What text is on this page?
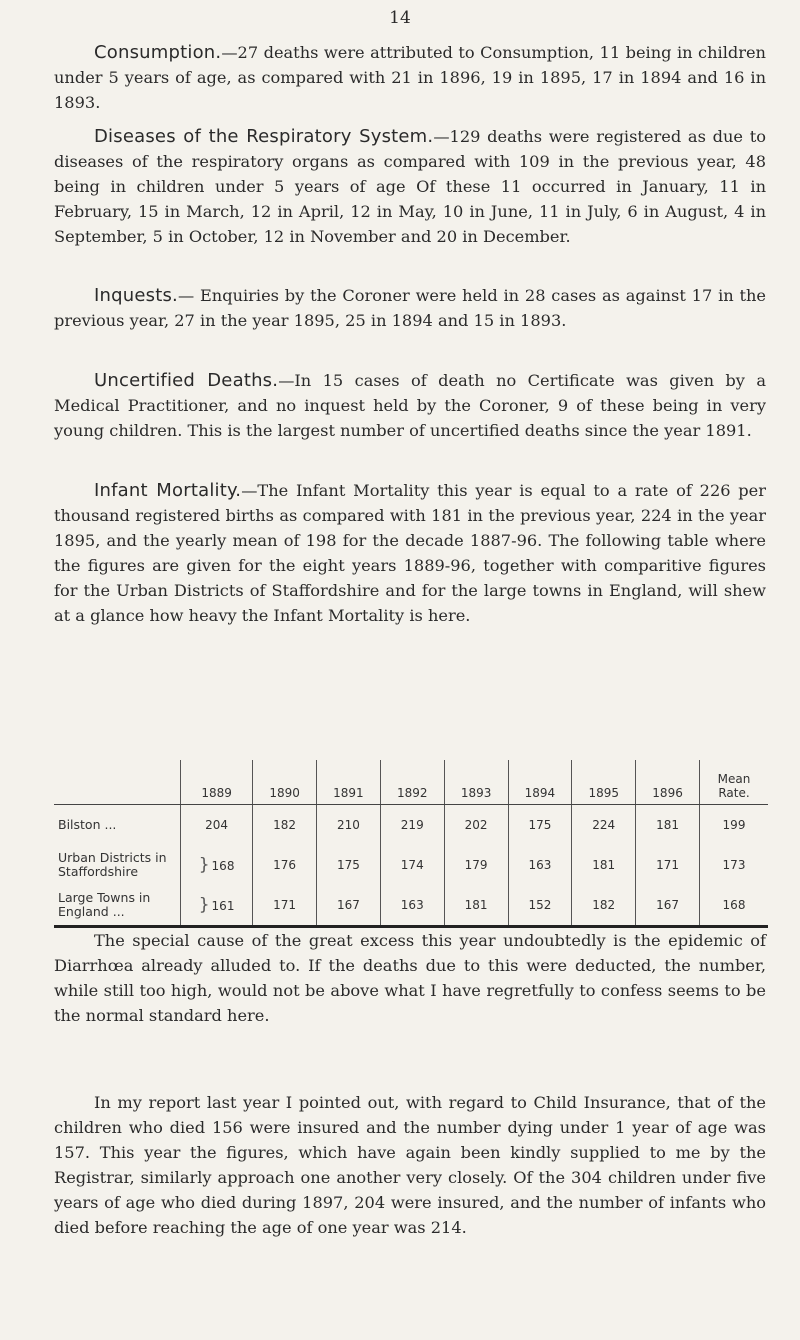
14

Consumption.—27 deaths were attributed to Consumption, 11 being in children under 5 years of age, as compared with 21 in 1896, 19 in 1895, 17 in 1894 and 16 in 1893.

Diseases of the Respiratory System.—129 deaths were registered as due to diseases of the respiratory organs as compared with 109 in the previous year, 48 being in children under 5 years of age Of these 11 occurred in January, 11 in February, 15 in March, 12 in April, 12 in May, 10 in June, 11 in July, 6 in August, 4 in September, 5 in October, 12 in November and 20 in December.

Inquests.— Enquiries by the Coroner were held in 28 cases as against 17 in the previous year, 27 in the year 1895, 25 in 1894 and 15 in 1893.

Uncertified Deaths.—In 15 cases of death no Certificate was given by a Medical Practitioner, and no inquest held by the Coroner, 9 of these being in very young children. This is the largest number of uncertified deaths since the year 1891.

Infant Mortality.—The Infant Mortality this year is equal to a rate of 226 per thousand registered births as compared with 181 in the previous year, 224 in the year 1895, and the yearly mean of 198 for the decade 1887-96. The following table where the figures are given for the eight years 1889-96, together with comparitive figures for the Urban Districts of Staffordshire and for the large towns in England, will shew at a glance how heavy the Infant Mortality is here.

	1889	1890	1891	1892	1893	1894	1895	1896	Mean Rate.
Bilston ...	204	182	210	219	202	175	224	181	199
Urban Districts in Staffordshire	} 168	176	175	174	179	163	181	171	173
Large Towns in England ...	} 161	171	167	163	181	152	182	167	168

The special cause of the great excess this year undoubtedly is the epidemic of Diarrhœa already alluded to. If the deaths due to this were deducted, the number, while still too high, would not be above what I have regretfully to confess seems to be the normal standard here.

In my report last year I pointed out, with regard to Child Insurance, that of the children who died 156 were insured and the number dying under 1 year of age was 157. This year the figures, which have again been kindly supplied to me by the Registrar, similarly approach one another very closely. Of the 304 children under five years of age who died during 1897, 204 were insured, and the number of infants who died before reaching the age of one year was 214.
